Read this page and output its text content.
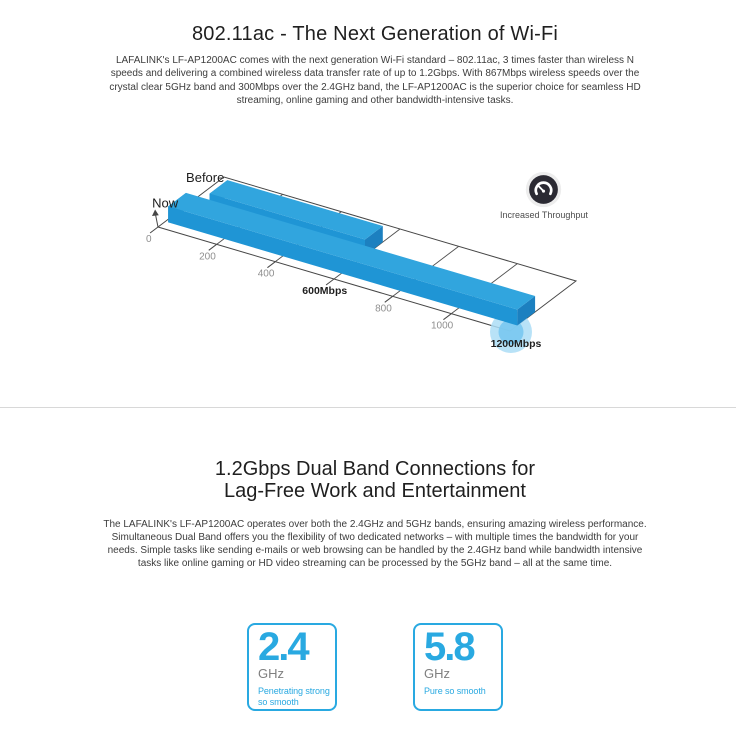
802.11ac - The Next Generation of Wi-Fi

LAFALINK's LF-AP1200AC comes with the next generation Wi-Fi standard – 802.11ac, 3 times faster than wireless N speeds and delivering a combined wireless data transfer rate of up to 1.2Gbps. With 867Mbps wireless speeds over the crystal clear 5GHz band and 300Mbps over the 2.4GHz band, the LF-AP1200AC is the superior choice for seamless HD streaming, online gaming and other bandwidth-intensive tasks.

Before
Now
0
200
400
600Mbps
800
1000
1200Mbps
Increased Throughput
1.2Gbps Dual Band Connections for
Lag-Free Work and Entertainment

The LAFALINK's LF-AP1200AC operates over both the 2.4GHz and 5GHz bands, ensuring amazing wireless performance. Simultaneous Dual Band offers you the flexibility of two dedicated networks – with multiple times the bandwidth for your needs. Simple tasks like sending e-mails or web browsing can be handled by the 2.4GHz band while bandwidth intensive tasks like online gaming or HD video streaming can be processed by the 5GHz band – all at the same time.

2.4
GHz
Penetrating strong so smooth
5.8
GHz
Pure so smooth
